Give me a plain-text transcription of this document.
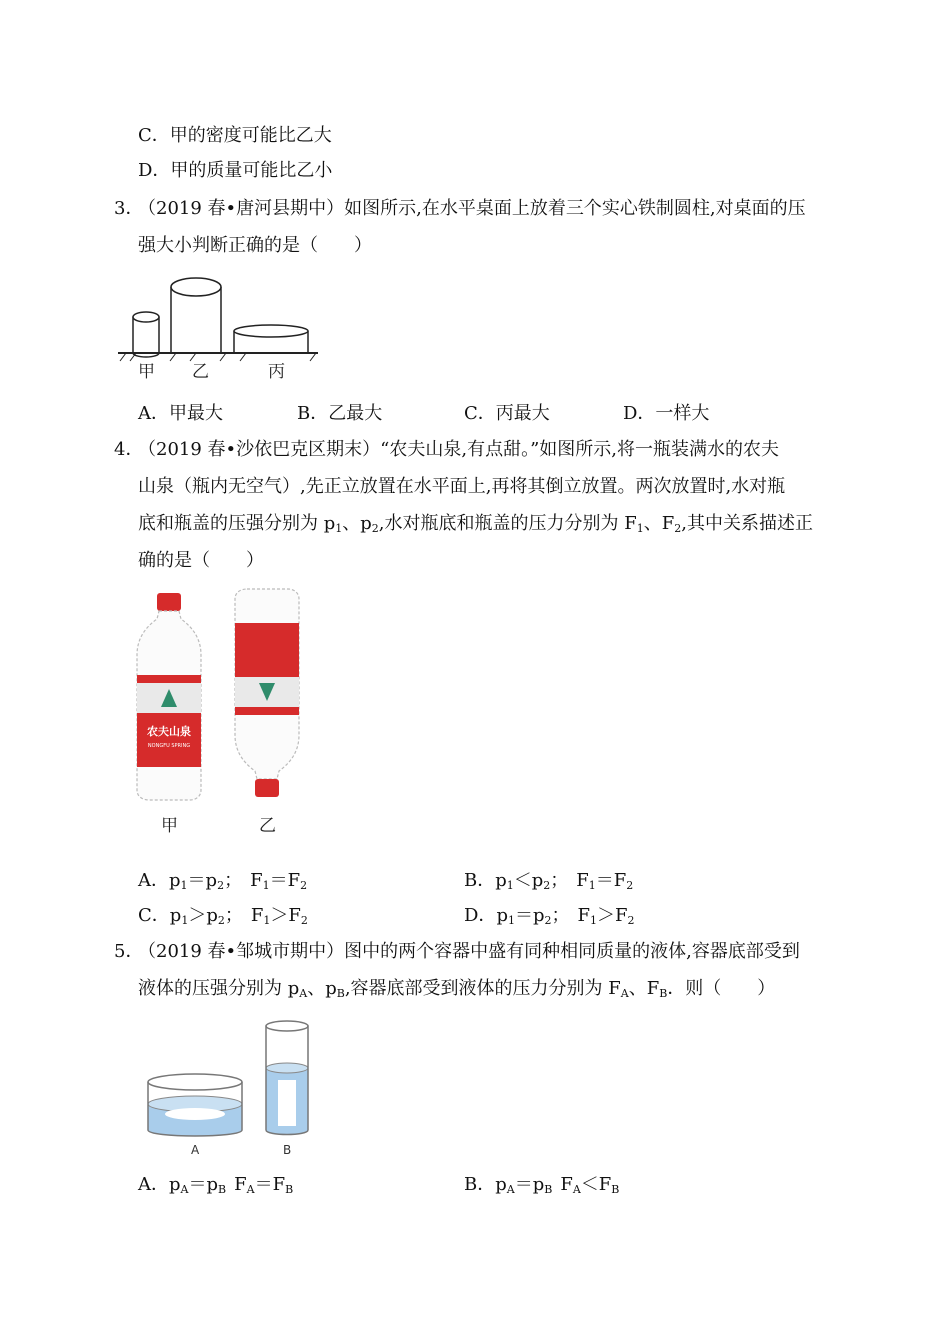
C．甲的密度可能比乙大
D．甲的质量可能比乙小
3．
（2019 春•唐河县期中）如图所示,在水平桌面上放着三个实心铁制圆柱,对桌面的压
强大小判断正确的是（　　）
甲 乙	丙
A．甲最大	B．乙最大	C．丙最大	D．一样大
4．
（2019 春•沙依巴克区期末）“农夫山泉,有点甜。”如图所示,将一瓶装满水的农夫
山泉（瓶内无空气）,先正立放置在水平面上,再将其倒立放置。两次放置时,水对瓶
底和瓶盖的压强分别为 $p_1$、$p_2$,水对瓶底和瓶盖的压力分别为 $F_1$、$F_2$,其中关系描述正
确的是（　　）
农夫山泉
NONGFU SPRING
甲	乙
A．$p_1=p_2$； $F_1=F_2$	B．$p_1<p_2$； $F_1=F_2$
C．$p_1>p_2$； $F_1>F_2$	D．$p_1=p_2$； $F_1>F_2$
5．
（2019 春•邹城市期中）图中的两个容器中盛有同种相同质量的液体,容器底部受到
液体的压强分别为 $p_A$、$p_B$,容器底部受到液体的压力分别为 $F_A$、$F_B$．则（　　）
A	B
A．$p_A=p_B$ $F_A=F_B$	B．$p_A=p_B$ $F_A<F_B$
